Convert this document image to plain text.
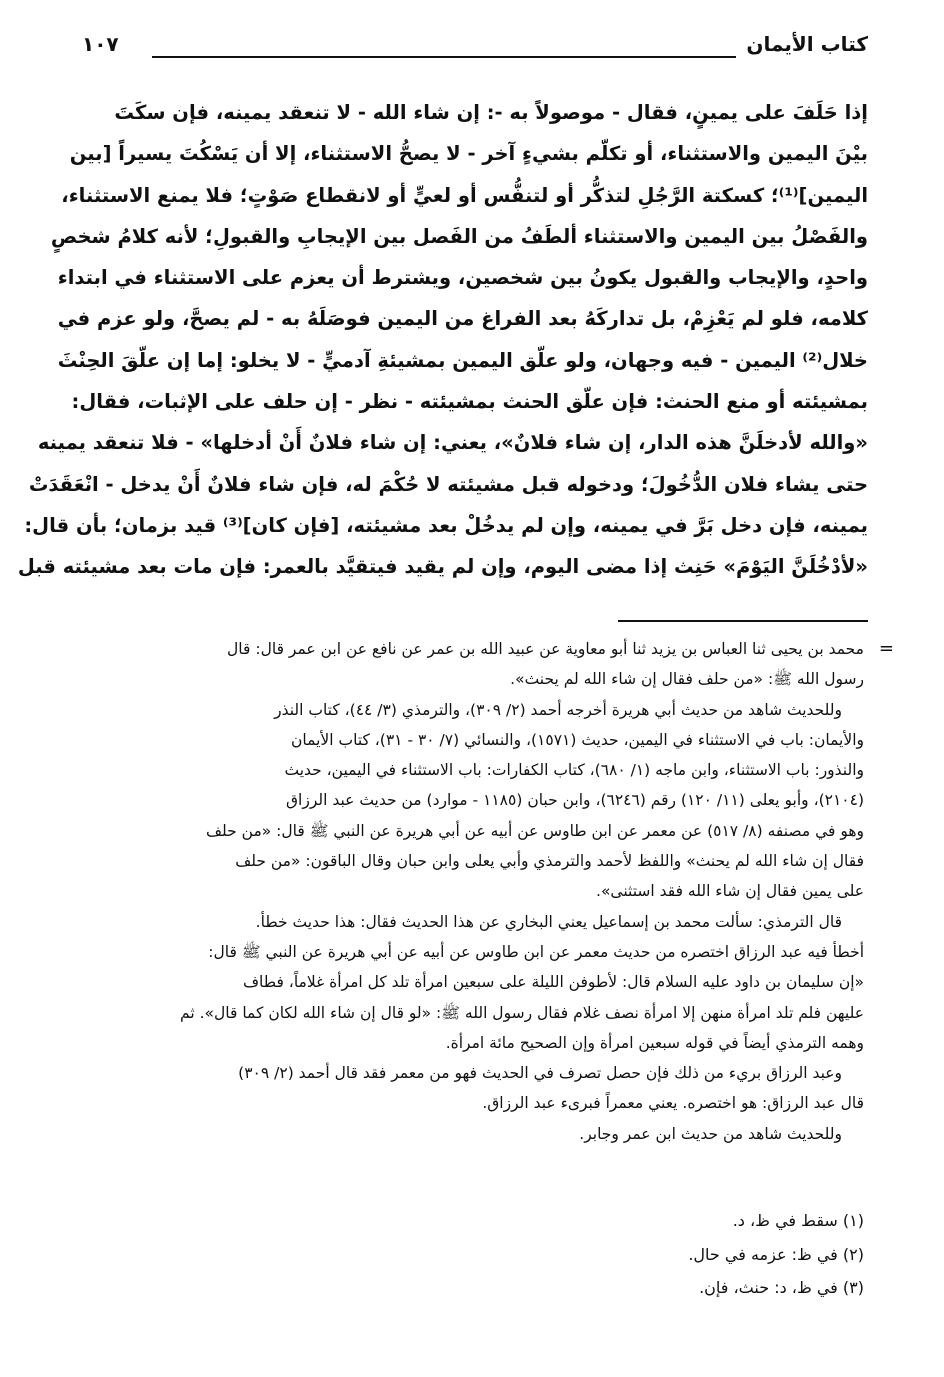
كتاب الأيمان
١٠٧
إذا حَلَفَ على يمينٍ، فقال - موصولاً به -: إن شاء الله - لا تنعقد يمينه، فإن سكَتَ
بيْنَ اليمين والاستثناء، أو تكلّم بشيءٍ آخر - لا يصحُّ الاستثناء، إلا أن يَسْكُتَ يسيراً [بين
اليمين]⁽¹⁾؛ كسكتة الرَّجُلِ لتذكُّر أو لتنفُّس أو لعيٍّ أو لانقطاع صَوْتٍ؛ فلا يمنع الاستثناء،
والفَصْلُ بين اليمين والاستثناء ألطَفُ من الفَصل بين الإيجابِ والقبولِ؛ لأنه كلامُ شخصٍ
واحدٍ، والإيجاب والقبول يكونُ بين شخصين، ويشترط أن يعزم على الاستثناء في ابتداء
كلامه، فلو لم يَعْزِمْ، بل تداركَهُ بعد الفراغ من اليمين فوصَلَهُ به - لم يصحَّ، ولو عزم في
خلال⁽²⁾ اليمين - فيه وجهان، ولو علّق اليمين بمشيئةِ آدميٍّ - لا يخلو: إما إن علّقَ الحِنْثَ
بمشيئته أو منع الحنث: فإن علّق الحنث بمشيئته - نظر - إن حلف على الإثبات، فقال:
«والله لأدخلَنَّ هذه الدار، إن شاء فلانٌ»، يعني: إن شاء فلانٌ أَنْ أدخلها» - فلا تنعقد يمينه
حتى يشاء فلان الدُّخُولَ؛ ودخوله قبل مشيئته لا حُكْمَ له، فإن شاء فلانٌ أَنْ يدخل - انْعَقَدَتْ
يمينه، فإن دخل بَرَّ في يمينه، وإن لم يدخُلْ بعد مشيئته، [فإن كان]⁽³⁾ قيد بزمان؛ بأن قال:
«لأدْخُلَنَّ اليَوْمَ» حَنِث إذا مضى اليوم، وإن لم يقيد فيتقيَّد بالعمر: فإن مات بعد مشيئته قبل
=
محمد بن يحيى ثنا العباس بن يزيد ثنا أبو معاوية عن عبيد الله بن عمر عن نافع عن ابن عمر قال: قال
رسول الله ﷺ: «من حلف فقال إن شاء الله لم يحنث».
وللحديث شاهد من حديث أبي هريرة أخرجه أحمد (٢/ ٣٠٩)، والترمذي (٣/ ٤٤)، كتاب النذر
والأيمان: باب في الاستثناء في اليمين، حديث (١٥٧١)، والنسائي (٧/ ٣٠ - ٣١)، كتاب الأيمان
والنذور: باب الاستثناء، وابن ماجه (١/ ٦٨٠)، كتاب الكفارات: باب الاستثناء في اليمين، حديث
(٢١٠٤)، وأبو يعلى (١١/ ١٢٠) رقم (٦٢٤٦)، وابن حبان (١١٨٥ - موارد) من حديث عبد الرزاق
وهو في مصنفه (٨/ ٥١٧) عن معمر عن ابن طاوس عن أبيه عن أبي هريرة عن النبي ﷺ قال: «من حلف
فقال إن شاء الله لم يحنث» واللفظ لأحمد والترمذي وأبي يعلى وابن حبان وقال الباقون: «من حلف
على يمين فقال إن شاء الله فقد استثنى».
قال الترمذي: سألت محمد بن إسماعيل يعني البخاري عن هذا الحديث فقال: هذا حديث خطأ.
أخطأ فيه عبد الرزاق اختصره من حديث معمر عن ابن طاوس عن أبيه عن أبي هريرة عن النبي ﷺ قال:
«إن سليمان بن داود عليه السلام قال: لأطوفن الليلة على سبعين امرأة تلد كل امرأة غلاماً، فطاف
عليهن فلم تلد امرأة منهن إلا امرأة نصف غلام فقال رسول الله ﷺ: «لو قال إن شاء الله لكان كما قال». ثم
وهمه الترمذي أيضاً في قوله سبعين امرأة وإن الصحيح مائة امرأة.
وعبد الرزاق بريء من ذلك فإن حصل تصرف في الحديث فهو من معمر فقد قال أحمد (٢/ ٣٠٩)
قال عبد الرزاق: هو اختصره. يعني معمراً فبرىء عبد الرزاق.
وللحديث شاهد من حديث ابن عمر وجابر.
(١) سقط في ظ، د.
(٢) في ظ: عزمه في حال.
(٣) في ظ، د: حنث، فإن.
